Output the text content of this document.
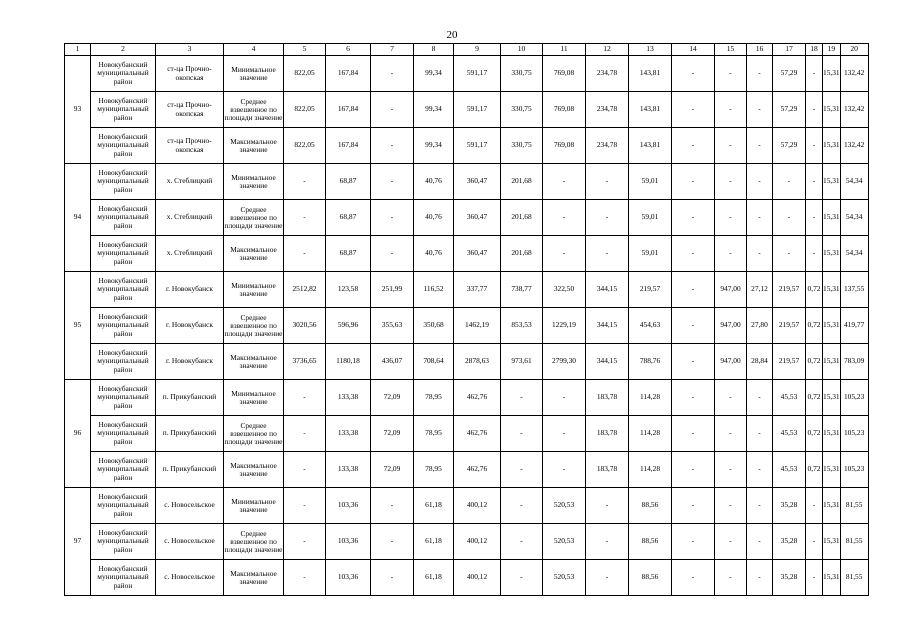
20
1	2	3	4	5	6	7	8	9	10	11	12	13	14	15	16	17	18	19	20
93	Новокубанский муниципальный район	ст-ца Прочно-окопская	Минимальное значение	822,05	167,84	-	99,34	591,17	330,75	769,08	234,78	143,81	-	-	-	57,29	-	15,31	132,42
	Новокубанский муниципальный район	ст-ца Прочно-окопская	Среднее взвешенное по площади значение	822,05	167,84	-	99,34	591,17	330,75	769,08	234,78	143,81	-	-	-	57,29	-	15,31	132,42
	Новокубанский муниципальный район	ст-ца Прочно-окопская	Максимальное значение	822,05	167,84	-	99,34	591,17	330,75	769,08	234,78	143,81	-	-	-	57,29	-	15,31	132,42
94	Новокубанский муниципальный район	х. Стеблицкий	Минимальное значение	-	68,87	-	40,76	360,47	201,68	-	-	59,01	-	-	-	-	-	15,31	54,34
	Новокубанский муниципальный район	х. Стеблицкий	Среднее взвешенное по площади значение	-	68,87	-	40,76	360,47	201,68	-	-	59,01	-	-	-	-	-	15,31	54,34
	Новокубанский муниципальный район	х. Стеблицкий	Максимальное значение	-	68,87	-	40,76	360,47	201,68	-	-	59,01	-	-	-	-	-	15,31	54,34
95	Новокубанский муниципальный район	г. Новокубанск	Минимальное значение	2512,82	123,58	251,99	116,52	337,77	738,77	322,50	344,15	219,57	-	947,00	27,12	219,57	0,72	15,31	137,55
	Новокубанский муниципальный район	г. Новокубанск	Среднее взвешенное по площади значение	3020,56	596,96	355,63	350,68	1462,19	853,53	1229,19	344,15	454,63	-	947,00	27,80	219,57	0,72	15,31	419,77
	Новокубанский муниципальный район	г. Новокубанск	Максимальное значение	3736,65	1180,18	436,07	708,64	2878,63	973,61	2799,30	344,15	788,76	-	947,00	28,84	219,57	0,72	15,31	783,09
96	Новокубанский муниципальный район	п. Прикубанский	Минимальное значение	-	133,38	72,09	78,95	462,76	-	-	183,78	114,28	-	-	-	45,53	0,72	15,31	105,23
	Новокубанский муниципальный район	п. Прикубанский	Среднее взвешенное по площади значение	-	133,38	72,09	78,95	462,76	-	-	183,78	114,28	-	-	-	45,53	0,72	15,31	105,23
	Новокубанский муниципальный район	п. Прикубанский	Максимальное значение	-	133,38	72,09	78,95	462,76	-	-	183,78	114,28	-	-	-	45,53	0,72	15,31	105,23
97	Новокубанский муниципальный район	с. Новосельское	Минимальное значение	-	103,36	-	61,18	400,12	-	520,53	-	88,56	-	-	-	35,28	-	15,31	81,55
	Новокубанский муниципальный район	с. Новосельское	Среднее взвешенное по площади значение	-	103,36	-	61,18	400,12	-	520,53	-	88,56	-	-	-	35,28	-	15,31	81,55
	Новокубанский муниципальный район	с. Новосельское	Максимальное значение	-	103,36	-	61,18	400,12	-	520,53	-	88,56	-	-	-	35,28	-	15,31	81,55
